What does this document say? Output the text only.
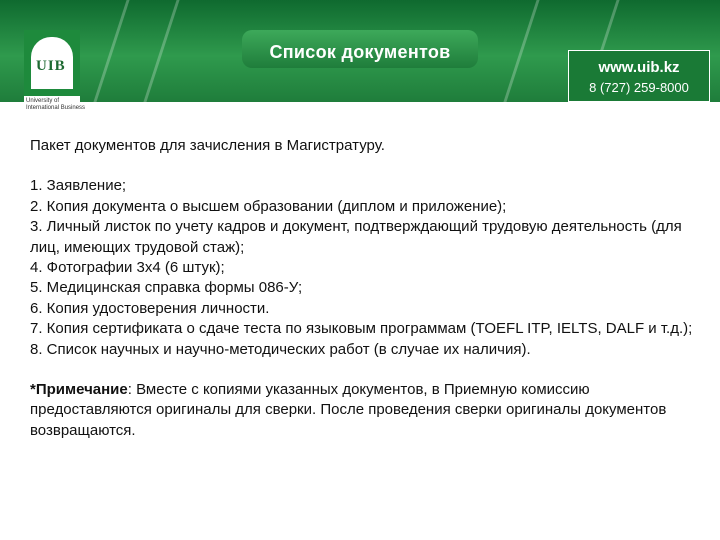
Список документов
www.uib.kz
8 (727) 259-8000
UIB
University of International Business

Пакет документов для зачисления в Магистратуру.

1. Заявление;

2. Копия документа о высшем образовании (диплом и приложение);

3. Личный листок по учету кадров и документ, подтверждающий трудовую деятельность (для лиц, имеющих трудовой стаж);

4. Фотографии 3х4 (6 штук);

5. Медицинская справка формы 086-У;

6. Копия удостоверения личности.

7. Копия сертификата о сдаче теста по языковым программам (TOEFL ITP, IELTS, DALF и т.д.);

8. Список научных и научно-методических работ (в случае их наличия).

*Примечание: Вместе с копиями указанных документов, в Приемную комиссию предоставляются оригиналы для сверки. После проведения сверки оригиналы документов возвращаются.
